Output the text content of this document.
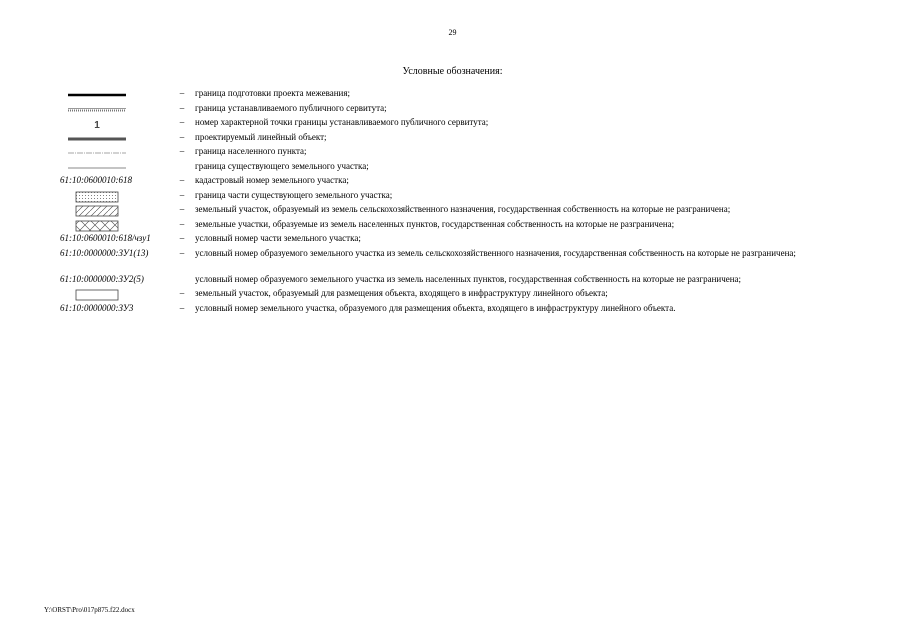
29
Условные обозначения:
–	граница подготовки проекта межевания;
–	граница устанавливаемого публичного сервитута;
1	–	номер характерной точки границы устанавливаемого публичного сервитута;
–	проектируемый линейный объект;
–	граница населенного пункта;
граница существующего земельного участка;
61:10:0600010:618	–	кадастровый номер земельного участка;
–	граница части существующего земельного участка;
–	земельный участок, образуемый из земель сельскохозяйственного назначения, государственная собственность на которые не разграничена;
–	земельные участки, образуемые из земель населенных пунктов, государственная собственность на которые не разграничена;
61:10:0600010:618/чзу1	–	условный номер части земельного участка;
61:10:0000000:ЗУ1(13)	–	условный номер образуемого земельного участка из земель сельскохозяйственного назначения, государственная собственность на которые не разграничена;
61:10:0000000:ЗУ2(5)	условный номер образуемого земельного участка из земель населенных пунктов, государственная собственность на которые не разграничена;
–	земельный участок, образуемый для размещения объекта, входящего в инфраструктуру линейного объекта;
61:10:0000000:ЗУ3	–	условный номер земельного участка, образуемого для размещения объекта, входящего в инфраструктуру линейного объекта.
Y:\ORST\Pro\017p875.f22.docx
